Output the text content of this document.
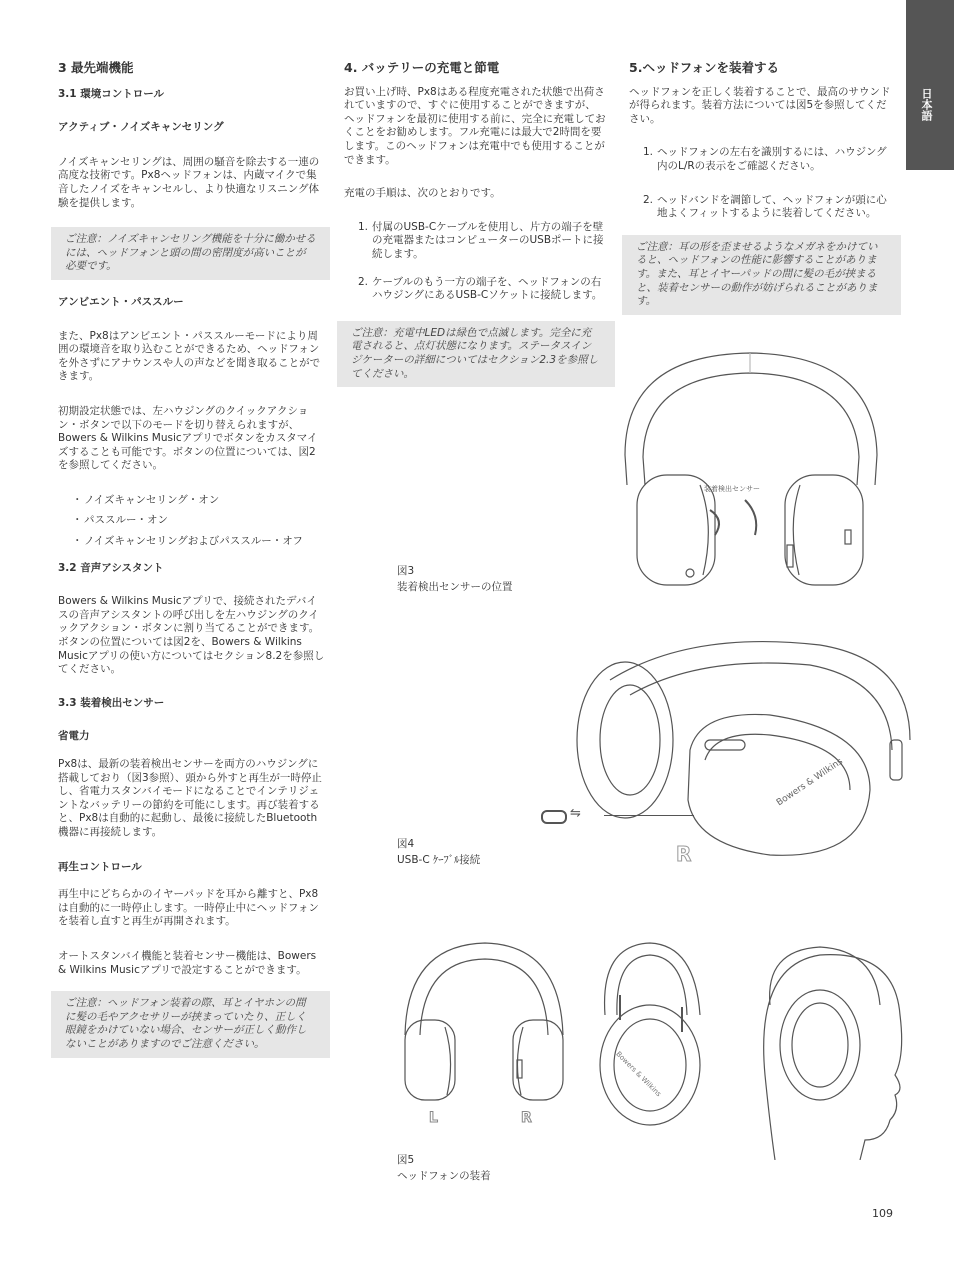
日本語

3 最先端機能

3.1 環境コントロール

アクティブ・ノイズキャンセリング

ノイズキャンセリングは、周囲の騒音を除去する一連の高度な技術です。Px8ヘッドフォンは、内蔵マイクで集音したノイズをキャンセルし、より快適なリスニング体験を提供します。

ご注意：ノイズキャンセリング機能を十分に働かせるには、ヘッドフォンと頭の間の密閉度が高いことが必要です。

アンビエント・パススルー

また、Px8はアンビエント・パススルーモードにより周囲の環境音を取り込むことができるため、ヘッドフォンを外さずにアナウンスや人の声などを聞き取ることができます。

初期設定状態では、左ハウジングのクイックアクション・ボタンで以下のモードを切り替えられますが、Bowers & Wilkins Musicアプリでボタンをカスタマイズすることも可能です。ボタンの位置については、図2を参照してください。

・ ノイズキャンセリング・オン
・ パススルー・オン
・ ノイズキャンセリングおよびパススルー・オフ

3.2 音声アシスタント

Bowers & Wilkins Musicアプリで、接続されたデバイスの音声アシスタントの呼び出しを左ハウジングのクイックアクション・ボタンに割り当てることができます。ボタンの位置については図2を、Bowers & Wilkins Musicアプリの使い方についてはセクション8.2を参照してください。

3.3 装着検出センサー

省電力

Px8は、最新の装着検出センサーを両方のハウジングに搭載しており（図3参照）、頭から外すと再生が一時停止し、省電力スタンバイモードになることでインテリジェントなバッテリーの節約を可能にします。再び装着すると、Px8は自動的に起動し、最後に接続したBluetooth機器に再接続します。

再生コントロール

再生中にどちらかのイヤーパッドを耳から離すと、Px8は自動的に一時停止します。一時停止中にヘッドフォンを装着し直すと再生が再開されます。

オートスタンバイ機能と装着センサー機能は、Bowers & Wilkins Musicアプリで設定することができます。

ご注意：ヘッドフォン装着の際、耳とイヤホンの間に髪の毛やアクセサリーが挟まっていたり、正しく眼鏡をかけていない場合、センサーが正しく動作しないことがありますのでご注意ください。

4. バッテリーの充電と節電

お買い上げ時、Px8はある程度充電された状態で出荷されていますので、すぐに使用することができますが、ヘッドフォンを最初に使用する前に、完全に充電しておくことをお勧めします。フル充電には最大で2時間を要します。このヘッドフォンは充電中でも使用することができます。

充電の手順は、次のとおりです。

1. 付属のUSB-Cケーブルを使用し、片方の端子を壁の充電器またはコンピューターのUSBポートに接続します。
2. ケーブルのもう一方の端子を、ヘッドフォンの右ハウジングにあるUSB-Cソケットに接続します。
ご注意：充電中LEDは緑色で点滅します。完全に充電されると、点灯状態になります。ステータスインジケーターの詳細についてはセクション2.3を参照してください。

5.ヘッドフォンを装着する

ヘッドフォンを正しく装着することで、最高のサウンドが得られます。装着方法については図5を参照してください。

1. ヘッドフォンの左右を識別するには、ハウジング内のL/Rの表示をご確認ください。
2. ヘッドバンドを調節して、ヘッドフォンが頭に心地よくフィットするように装着してください。
ご注意：耳の形を歪ませるようなメガネをかけていると、ヘッドフォンの性能に影響することがあります。また、耳とイヤーパッドの間に髪の毛が挟まると、装着センサーの動作が妨げられることがあります。
装着検出センサー
図3
装着検出センサーの位置
⇋
Bowers & Wilkins
R
図4
USB-C ｹｰﾌﾞﾙ接続
Bowers & Wilkins
L	R
図5
ヘッドフォンの装着
109
